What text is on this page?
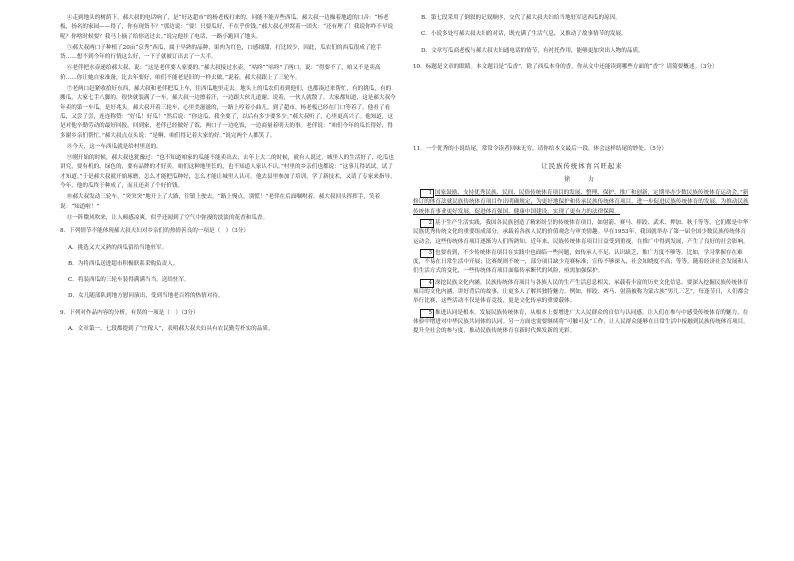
④走到地头的树荫下，郝大叔的电话响了，是“好达超市”的杨老板打来的，问能不能弄些西瓜。郝大叔一边操着地道的口音：“杨老板，扬名的家园——得了，你有现货不？”那边说：“要！只要瓜好，不在乎价钱。”郝大叔心里窝着一团火：“还有理了！我说你咋不早说呢？你啥时候要？我马上摘了给你送过去。”说完他挂了电话，一路小跑回了地头。

⑤郝大叔两口子种植了20亩“京秀”西瓜，属于早熟的品种，果肉为红色，口感细甜，打比较少，因此，瓜农们的西瓜很成了抢手货……想不到今年的行情这么好，一下子就被订出去了一大半。

⑥老伴把水壶递给郝大叔，说：“这是老伴要人家要的。”郝大叔接过水壶，“咕咚”“咕咚”了两口，说：“得要不了，咱又不是卖高价……你让她自家准备，比去年要好，咱们不能老是旧的一样去做。”说着，郝大叔跟上了三轮车。

⑦老两口赶紧收拾好东西，郝大叔和老伴把瓜上车，往西瓜地里走去。地头上的瓜农们看到他们，也都凑过来帮忙，有的挑瓜，有的搬瓜，大家七手八脚的，很快就装满了一车。郝大叔一边擦着汗，一边跟大伙儿道谢。说着，一伙人就散了。大家都知道，这是郝大叔今年卖的第一车瓜，是好兆头。郝大叔开着三轮车，心里美滋滋的，一路上哼着小曲儿。到了超市，杨老板已经在门口等着了，他看了看瓜，又尝了尝，连连称赞：“好瓜！好瓜！”然后说：“你这瓜，我全要了，以后有多少要多少。”郝大叔听了，心里更高兴了。他知道，这是对他辛勤劳动的最好回报。回到家，老伴已经做好了饭，两口子一边吃饭，一边商量着明天的事。老伴说：“咱们今年的瓜长得好，得多谢乡亲们帮忙。”郝大叔点点头说：“是啊，咱们得记着大家的好。”说完两个人都笑了。

⑧今天，这一车西瓜就是给村里送的。

⑨刚开始的时候，郝大叔也犹豫过：“也不知道咱家的瓜能不能卖出去，去年上大二的时候，就有人说过，城里人的生活好了，吃瓜也讲究，要有机的、绿色的，要有品牌的才好卖。咱们这种地里长的，也不知道人家认不认。”村里的乡亲们也都说：“这事儿得试试，试了才知道。”于是郝大叔就开始琢磨，怎么才能把瓜种好，怎么才能让城里人认可。他去县里参加了培训，学了新技术，又请了专家来指导。今年，他的瓜终于种成了，而且还卖了个好价钱。

⑩郝大叔发动三轮车，“突突突”地开上了大路，往镇上驶去。“路上慢点，别慌！”老伴在后面嘱咐着。郝大叔回头挥挥手，笑着说：“知道啦！”

⑪一阵微风吹来，让人顿感凉爽，似乎还闻到了空气中弥漫的淡淡的花香和瓜香。

8．下列情节不能体现郝大叔夫妇对乡亲们的热情善良的一项是（　）（3分）

A．挑选又大又熟的西瓜留给当地驻军。

B．为将西瓜送进超市积极联系采购负责人。

C．将装西瓜的三轮车装得满满当当，送给驻军。

D．女儿随部队到地方慰问演出，受到当地老百姓的热情对待。

9．下列对作品内容的分析，有误的一项是（　）（3分）

A．文章第一、七段都提到了“庄稼人”，表明郝大叔夫妇具有农民勤劳朴实的品质。

B．第七段采用了倒叙的记叙顺序，交代了郝大叔夫妇给当地驻军送西瓜的原因。

C．小说多处写郝大叔夫妇的对话，既充满了生活气息，又推动了故事情节的发展。

D．文章写瓜商老板与郝大叔夫妇通电话的情节，有衬托作用，能够更加突出人物的品质。

10．标题是文章的眼睛。本文题目是“瓜香”，除了西瓜本身的香，你从文中还能读到哪些方面的“香”？请简要概述。（3分）

11．一个优秀的小说结尾，常常令读者回味无穷，请你给本文最后一段，体会这样结尾的妙处。（5分）

让民族传统体育兴旺起来

徐　力

1 国家鼓励、支持优秀民族、民间、民俗传统体育项目的发展、整理、保护、推广和创新，定期举办少数民族传统体育运动会。”新修订的体育法就民族传统体育项目作出明确规定，为更好地保护和传承民族传统体育项目，进一步促进民族传统体育的发展，为推动民族传统体育事业更好发展，促进体育强国、健康中国建设，实现了更有力的法律保障。

2 基于生产生活实践，我国各民族创造了精彩纷呈的传统体育项目，如射箭、赛马、摔跤、武术、押加、秋千等等，它们都是中华民族优秀传统文化的重要组成部分，承载着各族人民的价值观念与审美情趣。早在1953年，我国就举办了第一届全国少数民族传统体育运动会，这些传统体育项目逐渐为人们所熟知。近年来，民族传统体育项目日益受到重视，在推广中得到发展，产生了良好的社会影响。

3 也要看到，不少传统体育项目在实践中也面临一些问题，如传承人不足、认识缺乏、推广力度不够等。比如，学习掌握存在难度，不易在日常生活中开展；比赛规则不统一，部分项目缺少竞赛标准；宣传不够深入，社会知晓度不高；等等。随着经济社会发展和人们生活方式的变化，一些传统体育项目面临传承断代的风险，亟需加强保护。

4 深挖民族文化内涵。民族传统体育项目与各族人民的生产生活息息相关，承载着丰富的历史文化信息。要深入挖掘民族传统体育项目的文化内涵，讲好背后的故事，让更多人了解其独特魅力。例如，摔跤、赛马、射箭被称为蒙古族“男儿三艺”，每逢节日，人们都会举行比赛，这些活动不仅是体育竞技，更是文化传承的重要载体。

5 推进认同是根本。发展民族传统体育，从根本上要增进广大人民群众的自信与认同感。让人们在参与中感受传统体育的魅力，在体验中增进对中华民族共同体的认同。另一方面也需要继续将“可触可及”工作，让人民群众能够在日常生活中接触到民族传统体育项目，提升全社会的参与度，推动民族传统体育在新时代焕发新的光彩。
